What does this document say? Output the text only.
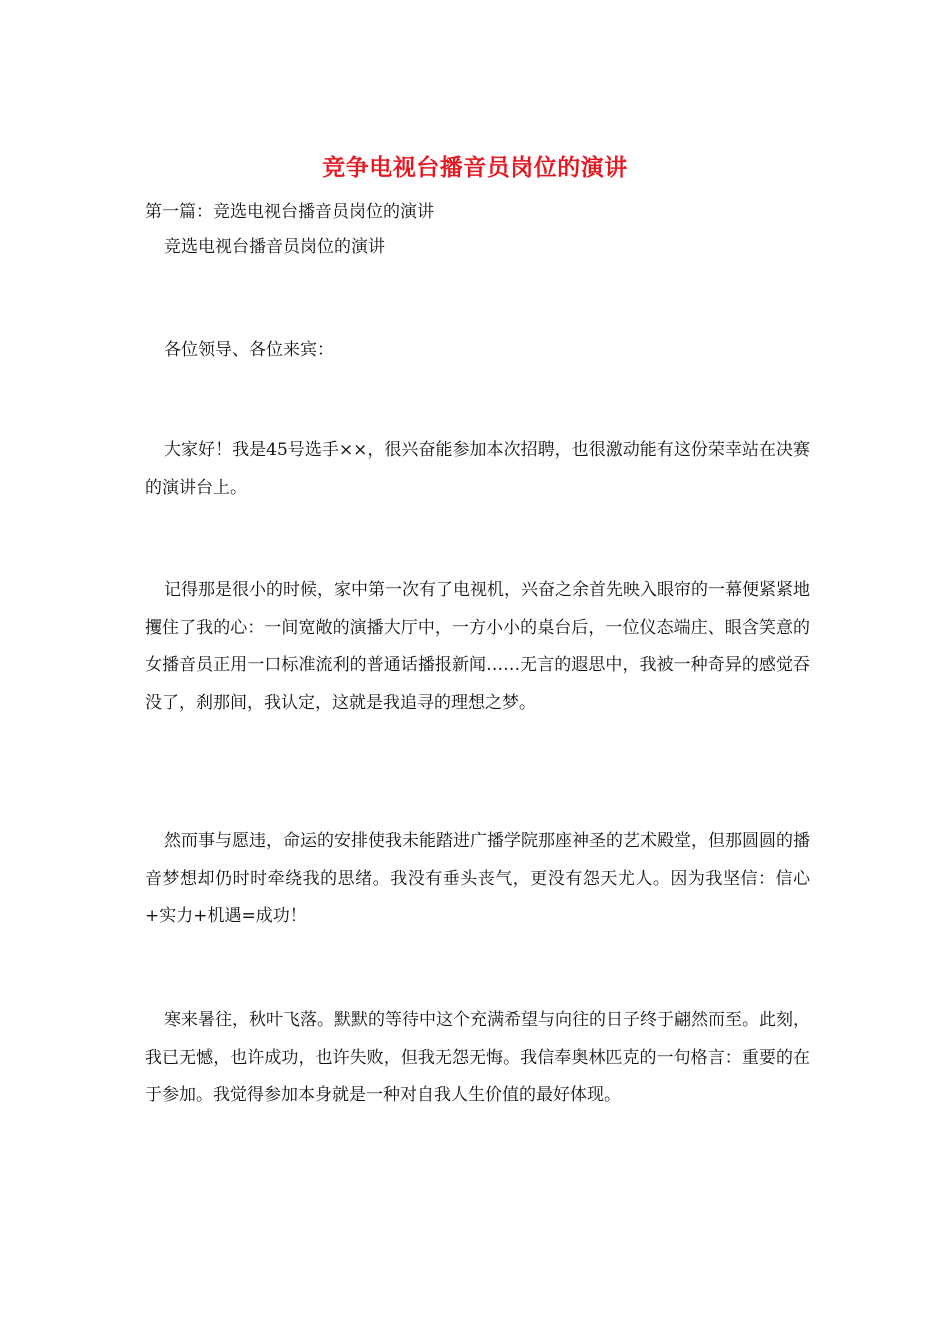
竞争电视台播音员岗位的演讲
第一篇：竞选电视台播音员岗位的演讲
竞选电视台播音员岗位的演讲
各位领导、各位来宾：
大家好！我是45号选手××，很兴奋能参加本次招聘，也很激动能有这份荣幸站在决赛的演讲台上。
记得那是很小的时候，家中第一次有了电视机，兴奋之余首先映入眼帘的一幕便紧紧地攫住了我的心：一间宽敞的演播大厅中，一方小小的桌台后，一位仪态端庄、眼含笑意的女播音员正用一口标准流利的普通话播报新闻……无言的遐思中，我被一种奇异的感觉吞没了，刹那间，我认定，这就是我追寻的理想之梦。
然而事与愿违，命运的安排使我未能踏进广播学院那座神圣的艺术殿堂，但那圆圆的播音梦想却仍时时牵绕我的思绪。我没有垂头丧气，更没有怨天尤人。因为我坚信：信心+实力+机遇=成功！
寒来暑往，秋叶飞落。默默的等待中这个充满希望与向往的日子终于翩然而至。此刻，我已无憾，也许成功，也许失败，但我无怨无悔。我信奉奥林匹克的一句格言：重要的在于参加。我觉得参加本身就是一种对自我人生价值的最好体现。
